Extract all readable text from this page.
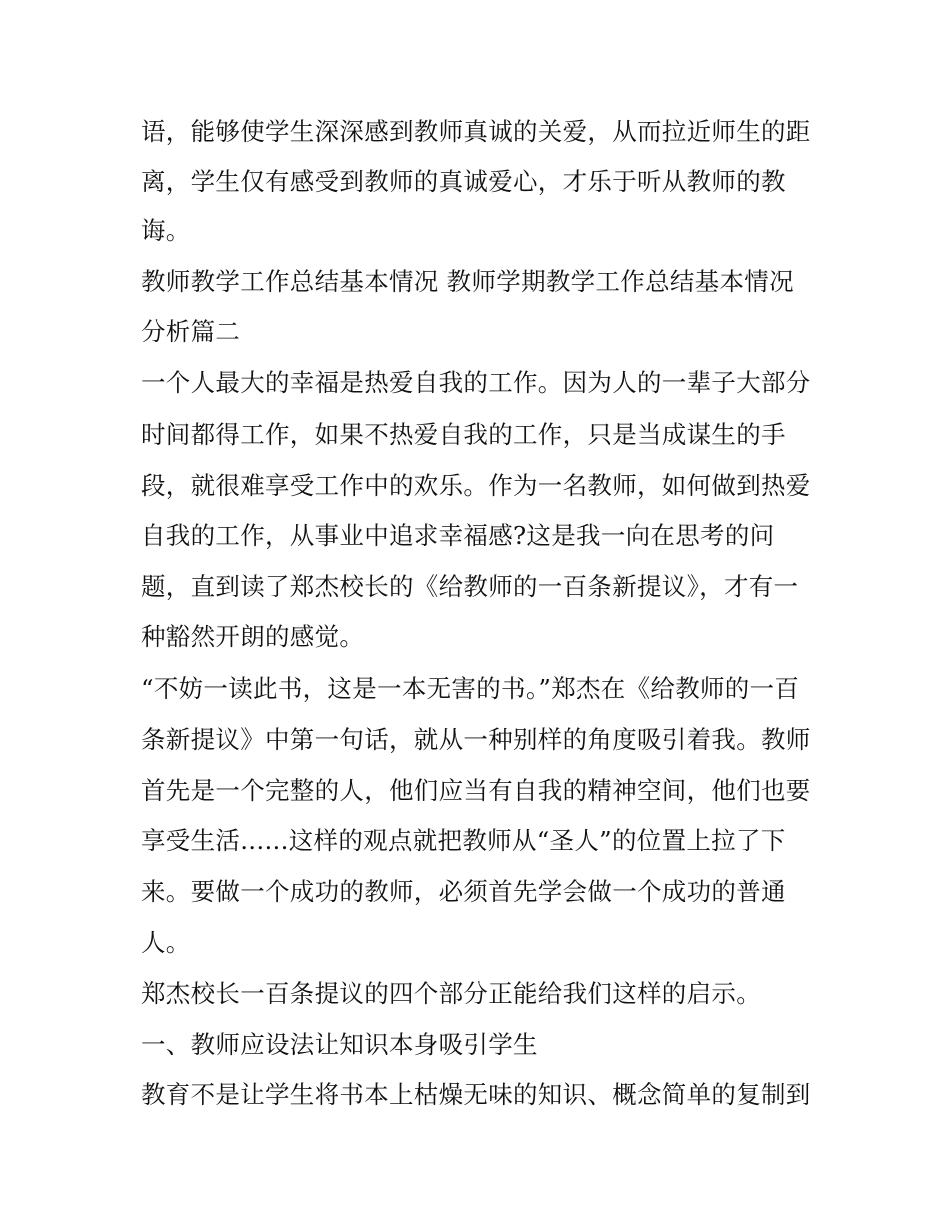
语，能够使学生深深感到教师真诚的关爱，从而拉近师生的距
离，学生仅有感受到教师的真诚爱心，才乐于听从教师的教
诲。
教师教学工作总结基本情况 教师学期教学工作总结基本情况
分析篇二
一个人最大的幸福是热爱自我的工作。因为人的一辈子大部分
时间都得工作，如果不热爱自我的工作，只是当成谋生的手
段，就很难享受工作中的欢乐。作为一名教师，如何做到热爱
自我的工作，从事业中追求幸福感?这是我一向在思考的问
题，直到读了郑杰校长的《给教师的一百条新提议》，才有一
种豁然开朗的感觉。
“不妨一读此书，这是一本无害的书。”郑杰在《给教师的一百
条新提议》中第一句话，就从一种别样的角度吸引着我。教师
首先是一个完整的人，他们应当有自我的精神空间，他们也要
享受生活......这样的观点就把教师从“圣人”的位置上拉了下
来。要做一个成功的教师，必须首先学会做一个成功的普通
人。
郑杰校长一百条提议的四个部分正能给我们这样的启示。
一、教师应设法让知识本身吸引学生
教育不是让学生将书本上枯燥无味的知识、概念简单的复制到
